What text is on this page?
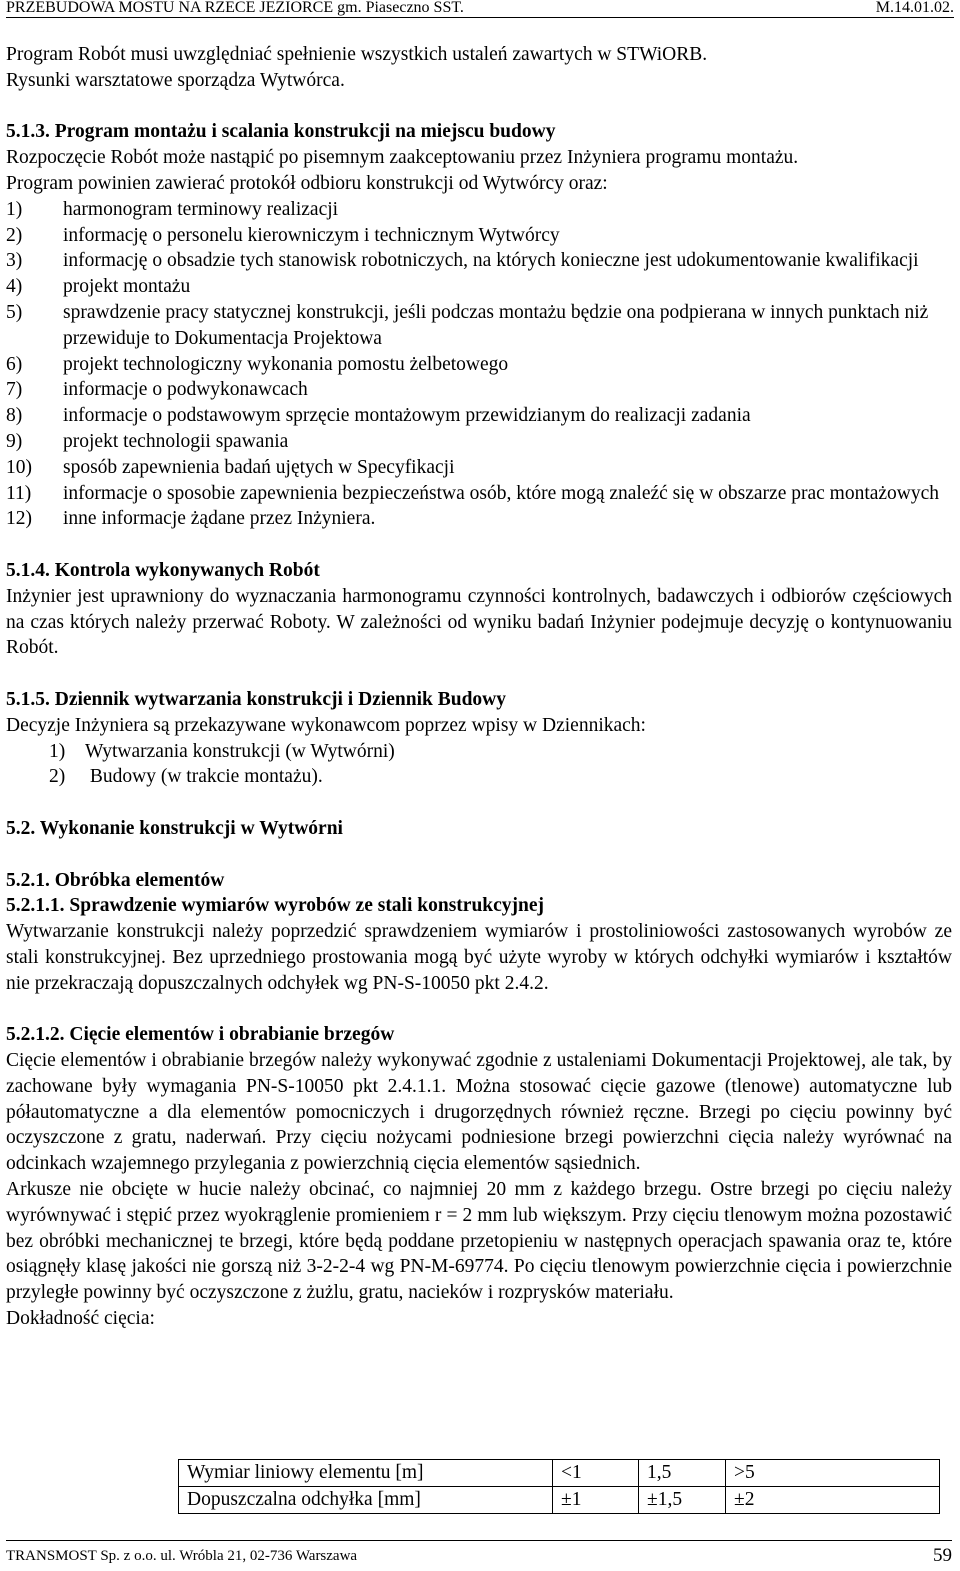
PRZEBUDOWA MOSTU NA RZECE JEZIORCE gm. Piaseczno SST.	M.14.01.02.

Program Robót musi uwzględniać spełnienie wszystkich ustaleń zawartych w STWiORB.

Rysunki warsztatowe sporządza Wytwórca.

5.1.3. Program montażu i scalania konstrukcji na miejscu budowy

Rozpoczęcie Robót może nastąpić po pisemnym zaakceptowaniu przez Inżyniera programu montażu.

Program powinien zawierać protokół odbioru konstrukcji od Wytwórcy oraz:

1)	harmonogram terminowy realizacji
2)	informację o personelu kierowniczym i technicznym Wytwórcy
3)	informację o obsadzie tych stanowisk robotniczych, na których konieczne jest udokumentowanie kwalifikacji
4)	projekt montażu
5)	sprawdzenie pracy statycznej konstrukcji, jeśli podczas montażu będzie ona podpierana w innych punktach niż przewiduje to Dokumentacja Projektowa
6)	projekt technologiczny wykonania pomostu żelbetowego
7)	informacje o podwykonawcach
8)	informacje o podstawowym sprzęcie montażowym przewidzianym do realizacji zadania
9)	projekt technologii spawania
10)	sposób zapewnienia badań ujętych w Specyfikacji
11)	informacje o sposobie zapewnienia bezpieczeństwa osób, które mogą znaleźć się w obszarze prac montażowych
12)	inne informacje żądane przez Inżyniera.

5.1.4. Kontrola wykonywanych Robót

Inżynier jest uprawniony do wyznaczania harmonogramu czynności kontrolnych, badawczych i odbiorów częściowych na czas których należy przerwać Roboty. W zależności od wyniku badań Inżynier podejmuje decyzję o kontynuowaniu Robót.

5.1.5. Dziennik wytwarzania konstrukcji i Dziennik Budowy

Decyzje Inżyniera są przekazywane wykonawcom poprzez wpisy w Dziennikach:

1)	Wytwarzania konstrukcji (w Wytwórni)
2)	Budowy (w trakcie montażu).

5.2. Wykonanie konstrukcji w Wytwórni

5.2.1. Obróbka elementów

5.2.1.1. Sprawdzenie wymiarów wyrobów ze stali konstrukcyjnej

Wytwarzanie konstrukcji należy poprzedzić sprawdzeniem wymiarów i prostoliniowości zastosowanych wyrobów ze stali konstrukcyjnej. Bez uprzedniego prostowania mogą być użyte wyroby w których odchyłki wymiarów i kształtów nie przekraczają dopuszczalnych odchyłek wg PN-S-10050 pkt 2.4.2.

5.2.1.2. Cięcie elementów i obrabianie brzegów

Cięcie elementów i obrabianie brzegów należy wykonywać zgodnie z ustaleniami Dokumentacji Projektowej, ale tak, by zachowane były wymagania PN-S-10050 pkt 2.4.1.1. Można stosować cięcie gazowe (tlenowe) automatyczne lub półautomatyczne a dla elementów pomocniczych i drugorzędnych również ręczne. Brzegi po cięciu powinny być oczyszczone z gratu, naderwań. Przy cięciu nożycami podniesione brzegi powierzchni cięcia należy wyrównać na odcinkach wzajemnego przylegania z powierzchnią cięcia elementów sąsiednich.

Arkusze nie obcięte w hucie należy obcinać, co najmniej 20 mm z każdego brzegu. Ostre brzegi po cięciu należy wyrównywać i stępić przez wyokrąglenie promieniem r = 2 mm lub większym. Przy cięciu tlenowym można pozostawić bez obróbki mechanicznej te brzegi, które będą poddane przetopieniu w następnych operacjach spawania oraz te, które osiągnęły klasę jakości nie gorszą niż 3-2-2-4 wg PN-M-69774. Po cięciu tlenowym powierzchnie cięcia i powierzchnie przyległe powinny być oczyszczone z żużlu, gratu, nacieków i rozprysków materiału.

Dokładność cięcia:

Wymiar liniowy elementu [m]	<1	1,5	>5
Dopuszczalna odchyłka [mm]	±1	±1,5	±2
TRANSMOST Sp. z o.o. ul. Wróbla 21, 02-736 Warszawa	59
